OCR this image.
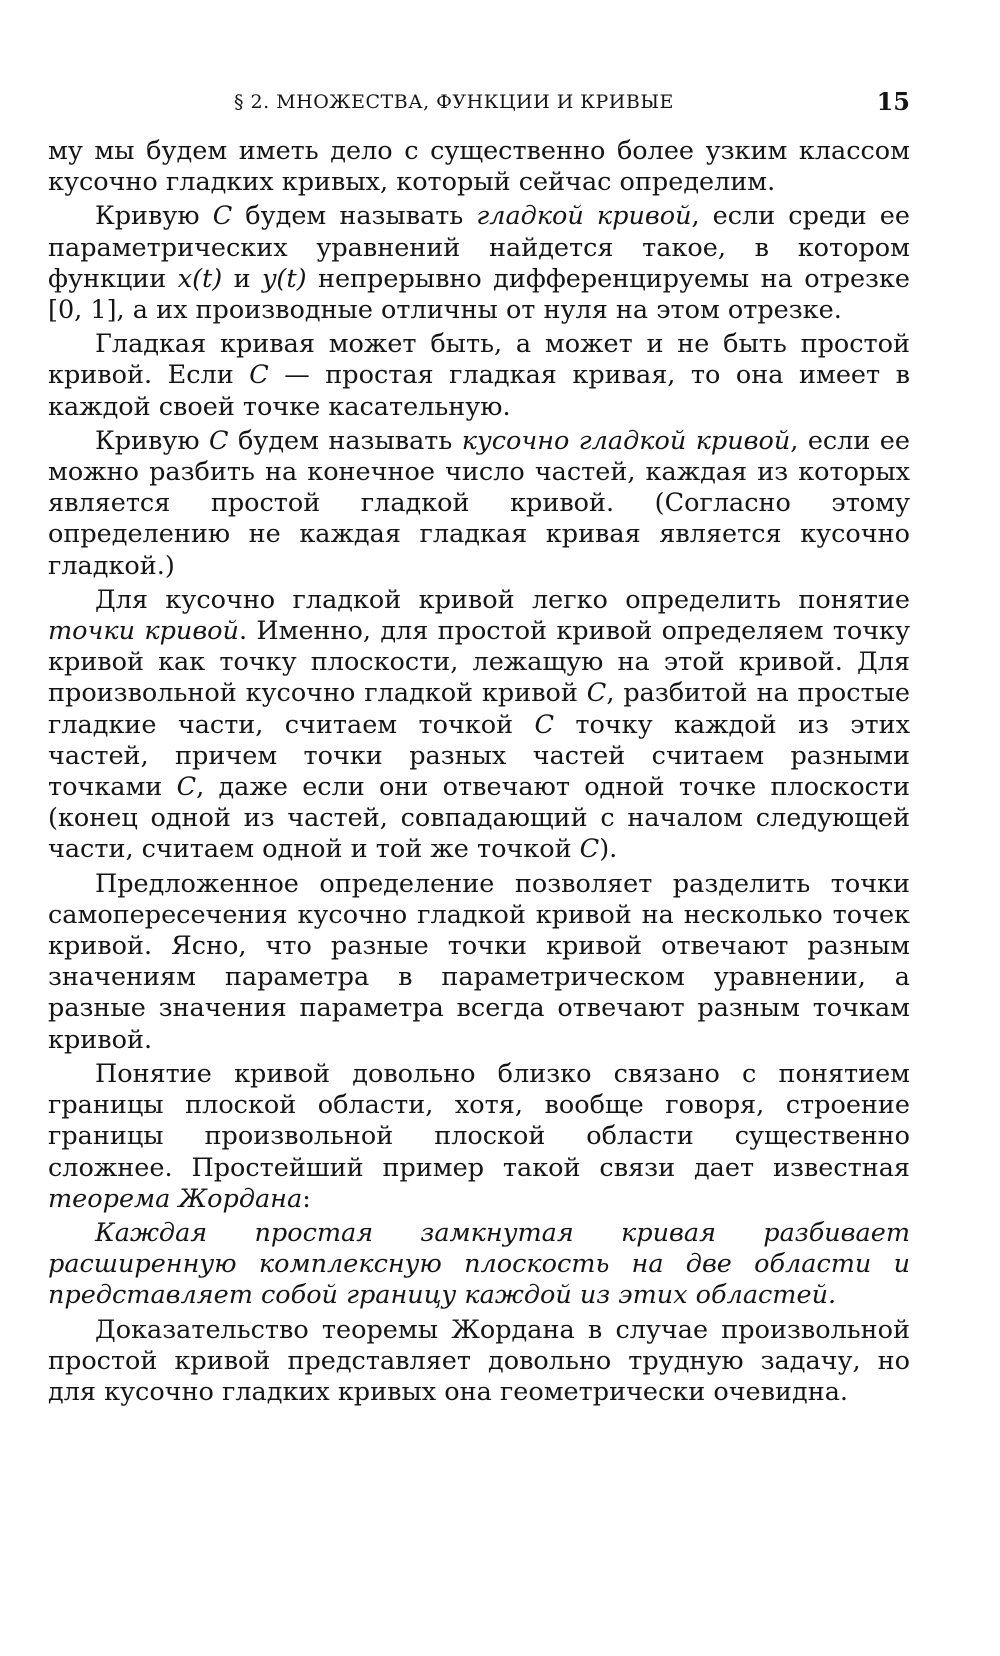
§ 2. МНОЖЕСТВА, ФУНКЦИИ И КРИВЫЕ	15

му мы будем иметь дело с существенно более узким классом кусочно гладких кривых, который сейчас определим.

Кривую C будем называть гладкой кривой, если среди ее параметрических уравнений найдется такое, в котором функции x(t) и y(t) непрерывно дифференцируемы на отрезке [0, 1], а их производные отличны от нуля на этом отрезке.

Гладкая кривая может быть, а может и не быть простой кривой. Если C — простая гладкая кривая, то она имеет в каждой своей точке касательную.

Кривую C будем называть кусочно гладкой кривой, если ее можно разбить на конечное число частей, каждая из которых является простой гладкой кривой. (Согласно этому определению не каждая гладкая кривая является кусочно гладкой.)

Для кусочно гладкой кривой легко определить понятие точки кривой. Именно, для простой кривой определяем точку кривой как точку плоскости, лежащую на этой кривой. Для произвольной кусочно гладкой кривой C, разбитой на простые гладкие части, считаем точкой C точку каждой из этих частей, причем точки разных частей считаем разными точками C, даже если они отвечают одной точке плоскости (конец одной из частей, совпадающий с началом следующей части, считаем одной и той же точкой C).

Предложенное определение позволяет разделить точки самопересечения кусочно гладкой кривой на несколько точек кривой. Ясно, что разные точки кривой отвечают разным значениям параметра в параметрическом уравнении, а разные значения параметра всегда отвечают разным точкам кривой.

Понятие кривой довольно близко связано с понятием границы плоской области, хотя, вообще говоря, строение границы произвольной плоской области существенно сложнее. Простейший пример такой связи дает известная теорема Жордана:

Каждая простая замкнутая кривая разбивает расширенную комплексную плоскость на две области и представляет собой границу каждой из этих областей.

Доказательство теоремы Жордана в случае произвольной простой кривой представляет довольно трудную задачу, но для кусочно гладких кривых она геометрически очевидна.
